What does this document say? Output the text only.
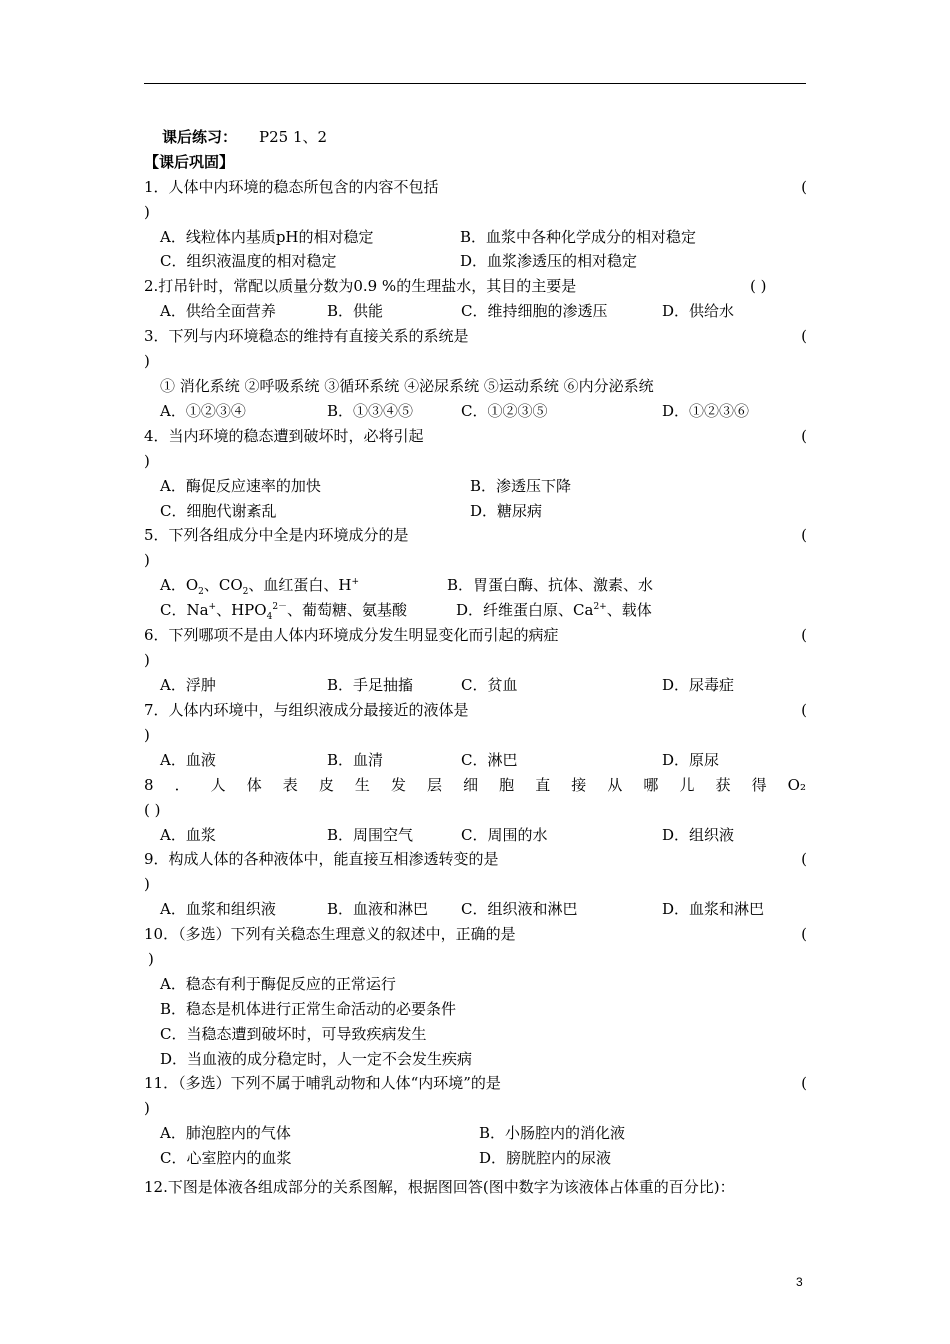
课后练习： P25 1、2
【课后巩固】
1．人体中内环境的稳态所包含的内容不包括	(
)
A．线粒体内基质pH的相对稳定	B．血浆中各种化学成分的相对稳定
C．组织液温度的相对稳定	D．血浆渗透压的相对稳定
2.打吊针时，常配以质量分数为0.9 %的生理盐水，其目的主要是	( )
A．供给全面营养	B．供能	C．维持细胞的渗透压	D．供给水
3．下列与内环境稳态的维持有直接关系的系统是	(
)
① 消化系统 ②呼吸系统 ③循环系统 ④泌尿系统 ⑤运动系统 ⑥内分泌系统
A．①②③④	B．①③④⑤	C．①②③⑤	D．①②③⑥
4．当内环境的稳态遭到破坏时，必将引起	(
)
A．酶促反应速率的加快	B．渗透压下降
C．细胞代谢紊乱	D．糖尿病
5．下列各组成分中全是内环境成分的是	(
)
A．$O_2$、$CO_2$、血红蛋白、H+	B．胃蛋白酶、抗体、激素、水
C．Na+、$HPO_4^{2-}$、葡萄糖、氨基酸	D．纤维蛋白原、$Ca^{2+}$、载体
6．下列哪项不是由人体内环境成分发生明显变化而引起的病症	(
)
A．浮肿	B．手足抽搐	C．贫血	D．尿毒症
7．人体内环境中，与组织液成分最接近的液体是	(
)
A．血液	B．血清	C．淋巴	D．原尿
8 ． 人 体 表 皮 生 发 层 细 胞 直 接 从 哪 儿 获 得 O₂
( )
A．血浆	B．周围空气	C．周围的水	D．组织液
9．构成人体的各种液体中，能直接互相渗透转变的是	(
)
A．血浆和组织液	B．血液和淋巴 C．组织液和淋巴	D．血浆和淋巴
10．（多选）下列有关稳态生理意义的叙述中，正确的是	(
)
A．稳态有利于酶促反应的正常运行
B．稳态是机体进行正常生命活动的必要条件
C．当稳态遭到破坏时，可导致疾病发生
D．当血液的成分稳定时，人一定不会发生疾病
11．（多选）下列不属于哺乳动物和人体“内环境”的是	(
)
A．肺泡腔内的气体	B．小肠腔内的消化液
C．心室腔内的血浆	D．膀胱腔内的尿液
12.下图是体液各组成部分的关系图解，根据图回答(图中数字为该液体占体重的百分比)：
3
